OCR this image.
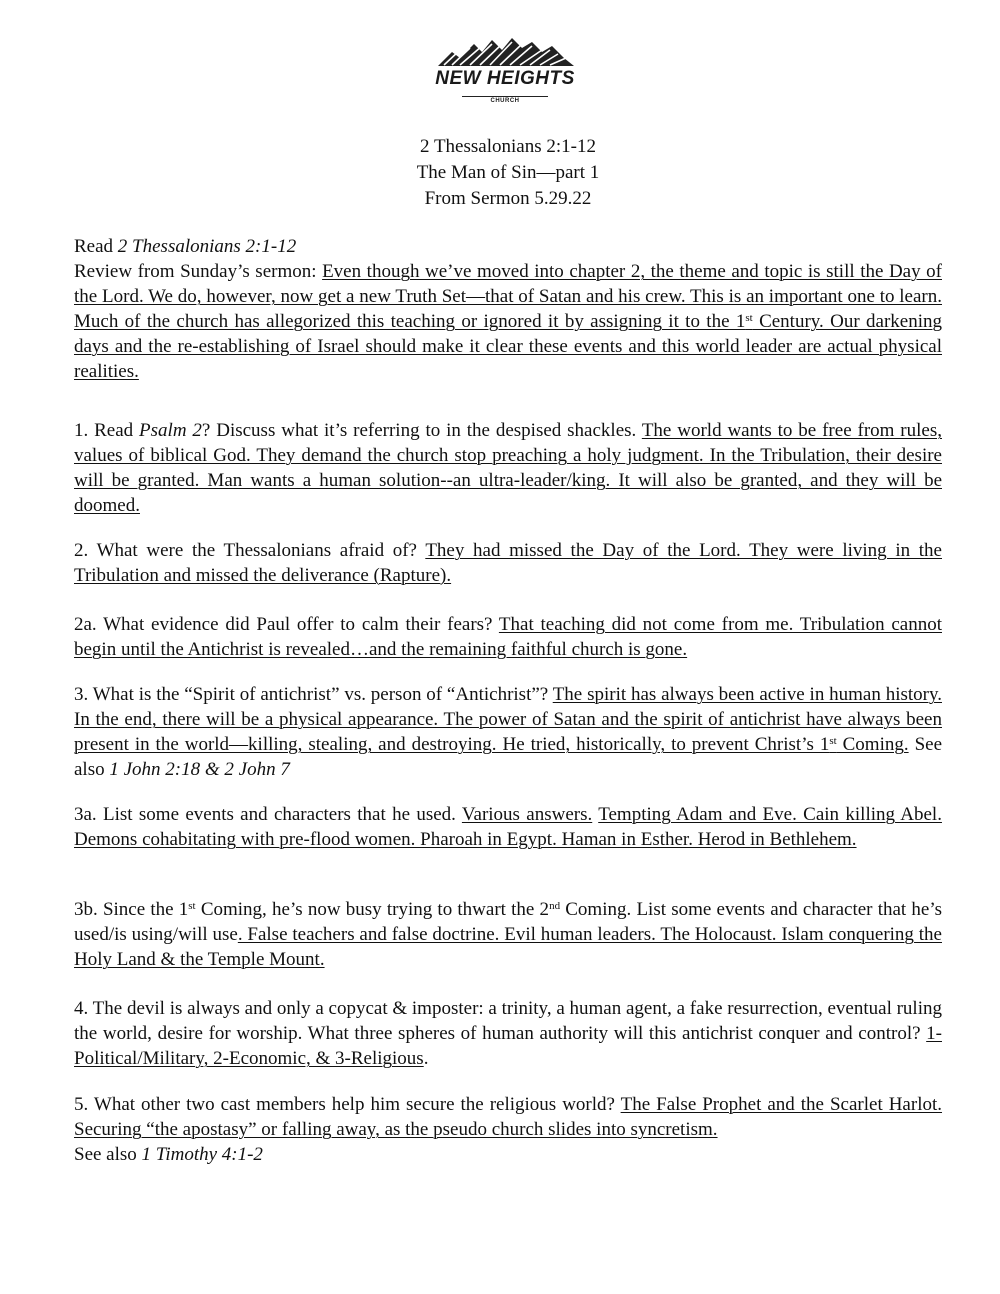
NEW HEIGHTS
CHURCH
2 Thessalonians 2:1-12
The Man of Sin—part 1
From Sermon 5.29.22

Read 2 Thessalonians 2:1-12

Review from Sunday’s sermon: Even though we’ve moved into chapter 2, the theme and topic is still the Day of the Lord. We do, however, now get a new Truth Set—that of Satan and his crew. This is an important one to learn. Much of the church has allegorized this teaching or ignored it by assigning it to the 1st Century. Our darkening days and the re-establishing of Israel should make it clear these events and this world leader are actual physical realities.

1. Read Psalm 2? Discuss what it’s referring to in the despised shackles. The world wants to be free from rules, values of biblical God. They demand the church stop preaching a holy judgment. In the Tribulation, their desire will be granted. Man wants a human solution--an ultra-leader/king. It will also be granted, and they will be doomed.

2. What were the Thessalonians afraid of? They had missed the Day of the Lord. They were living in the Tribulation and missed the deliverance (Rapture).

2a. What evidence did Paul offer to calm their fears? That teaching did not come from me. Tribulation cannot begin until the Antichrist is revealed…and the remaining faithful church is gone.

3. What is the “Spirit of antichrist” vs. person of “Antichrist”? The spirit has always been active in human history. In the end, there will be a physical appearance. The power of Satan and the spirit of antichrist have always been present in the world—killing, stealing, and destroying. He tried, historically, to prevent Christ’s 1st Coming. See also 1 John 2:18 & 2 John 7

3a. List some events and characters that he used. Various answers. Tempting Adam and Eve. Cain killing Abel. Demons cohabitating with pre-flood women. Pharoah in Egypt. Haman in Esther. Herod in Bethlehem.

3b. Since the 1st Coming, he’s now busy trying to thwart the 2nd Coming. List some events and character that he’s used/is using/will use. False teachers and false doctrine. Evil human leaders. The Holocaust. Islam conquering the Holy Land & the Temple Mount.

4. The devil is always and only a copycat & imposter: a trinity, a human agent, a fake resurrection, eventual ruling the world, desire for worship. What three spheres of human authority will this antichrist conquer and control? 1-Political/Military, 2-Economic, & 3-Religious.

5. What other two cast members help him secure the religious world? The False Prophet and the Scarlet Harlot. Securing “the apostasy” or falling away, as the pseudo church slides into syncretism.

See also 1 Timothy 4:1-2
